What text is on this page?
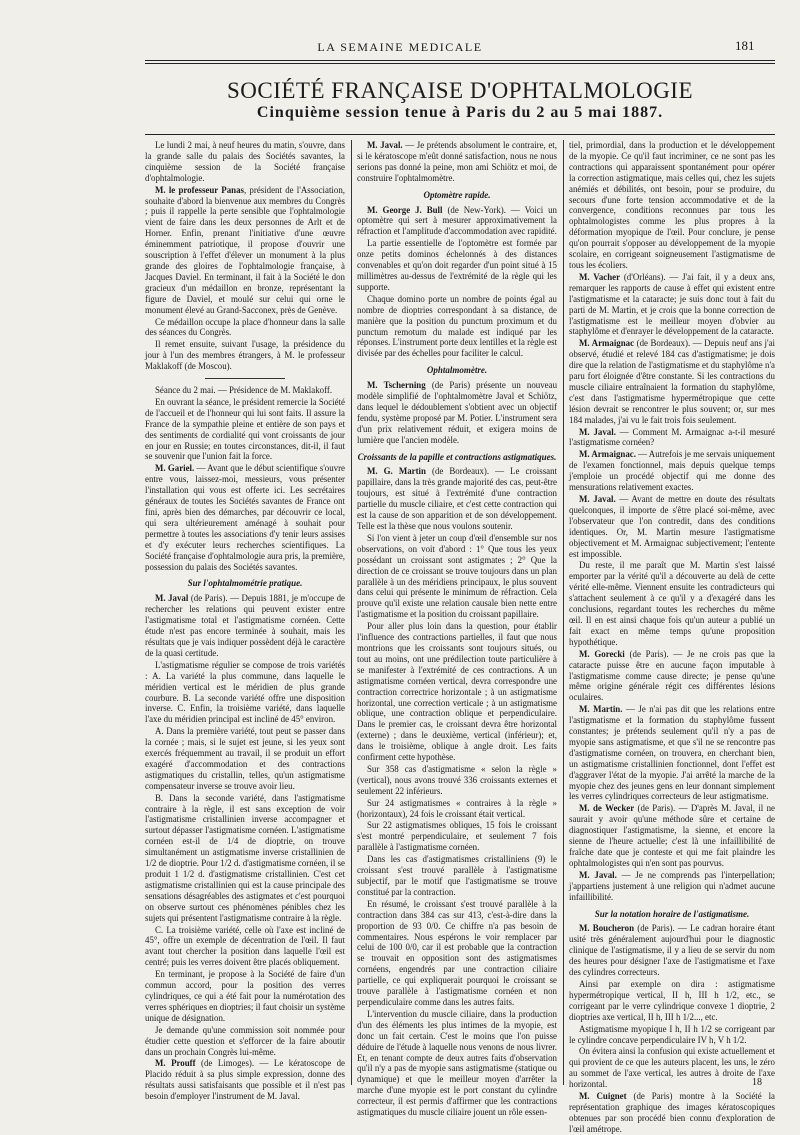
LA SEMAINE MEDICALE	181
SOCIÉTÉ FRANÇAISE D'OPHTALMOLOGIE
Cinquième session tenue à Paris du 2 au 5 mai 1887.

Le lundi 2 mai, à neuf heures du matin, s'ouvre, dans la grande salle du palais des Sociétés savantes, la cinquième session de la Société française d'ophtalmologie.

M. le professeur Panas, président de l'Association, souhaite d'abord la bienvenue aux membres du Congrès ; puis il rappelle la perte sensible que l'ophtalmologie vient de faire dans les deux personnes de Arlt et de Horner. Enfin, prenant l'initiative d'une œuvre éminemment patriotique, il propose d'ouvrir une souscription à l'effet d'élever un monument à la plus grande des gloires de l'ophtalmologie française, à Jacques Daviel. En terminant, il fait à la Société le don gracieux d'un médaillon en bronze, représentant la figure de Daviel, et moulé sur celui qui orne le monument élevé au Grand-Sacconex, près de Genève.

Ce médaillon occupe la place d'honneur dans la salle des séances du Congrès.

Il remet ensuite, suivant l'usage, la présidence du jour à l'un des membres étrangers, à M. le professeur Maklakoff (de Moscou).

Séance du 2 mai. — Présidence de M. Maklakoff.

En ouvrant la séance, le président remercie la Société de l'accueil et de l'honneur qui lui sont faits. Il assure la France de la sympathie pleine et entière de son pays et des sentiments de cordialité qui vont croissants de jour en jour en Russie; en toutes circonstances, dit-il, il faut se souvenir que l'union fait la force.

M. Gariel. — Avant que le début scientifique s'ouvre entre vous, laissez-moi, messieurs, vous présenter l'installation qui vous est offerte ici. Les secrétaires généraux de toutes les Sociétés savantes de France ont fini, après bien des démarches, par découvrir ce local, qui sera ultérieurement aménagé à souhait pour permettre à toutes les associations d'y tenir leurs assises et d'y exécuter leurs recherches scientifiques. La Société française d'ophtalmologie aura pris, la première, possession du palais des Sociétés savantes.

Sur l'ophtalmométrie pratique.

M. Javal (de Paris). — Depuis 1881, je m'occupe de rechercher les relations qui peuvent exister entre l'astigmatisme total et l'astigmatisme cornéen. Cette étude n'est pas encore terminée à souhait, mais les résultats que je vais indiquer possèdent déjà le caractère de la quasi certitude.

L'astigmatisme régulier se compose de trois variétés : A. La variété la plus commune, dans laquelle le méridien vertical est le méridien de plus grande courbure. B. La seconde variété offre une disposition inverse. C. Enfin, la troisième variété, dans laquelle l'axe du méridien principal est incliné de 45° environ.

A. Dans la première variété, tout peut se passer dans la cornée ; mais, si le sujet est jeune, si les yeux sont exercés fréquemment au travail, il se produit un effort exagéré d'accommodation et des contractions astigmatiques du cristallin, telles, qu'un astigmatisme compensateur inverse se trouve avoir lieu.

B. Dans la seconde variété, dans l'astigmatisme contraire à la règle, il est sans exception de voir l'astigmatisme cristallinien inverse accompagner et surtout dépasser l'astigmatisme cornéen. L'astigmatisme cornéen est-il de 1/4 de dioptrie, on trouve simultanément un astigmatisme inverse cristallinien de 1/2 de dioptrie. Pour 1/2 d. d'astigmatisme cornéen, il se produit 1 1/2 d. d'astigmatisme cristallinien. C'est cet astigmatisme cristallinien qui est la cause principale des sensations désagréables des astigmates et c'est pourquoi on observe surtout ces phénomènes pénibles chez les sujets qui présentent l'astigmatisme contraire à la règle.

C. La troisième variété, celle où l'axe est incliné de 45°, offre un exemple de décentration de l'œil. Il faut avant tout chercher la position dans laquelle l'œil est centré; puis les verres doivent être placés obliquement.

En terminant, je propose à la Société de faire d'un commun accord, pour la position des verres cylindriques, ce qui a été fait pour la numérotation des verres sphériques en dioptries; il faut choisir un système unique de désignation.

Je demande qu'une commission soit nommée pour étudier cette question et s'efforcer de la faire aboutir dans un prochain Congrès lui-même.

M. Prouff (de Limoges). — Le kératoscope de Placido réduit à sa plus simple expression, donne des résultats aussi satisfaisants que possible et il n'est pas besoin d'employer l'instrument de M. Javal.

M. Javal. — Je prétends absolument le contraire, et, si le kératoscope m'eût donné satisfaction, nous ne nous serions pas donné la peine, mon ami Schiötz et moi, de construire l'ophtalmomètre.

Optomètre rapide.

M. George J. Bull (de New-York). — Voici un optomètre qui sert à mesurer approximativement la réfraction et l'amplitude d'accommodation avec rapidité.

La partie essentielle de l'optomètre est formée par onze petits dominos échelonnés à des distances convenables et qu'on doit regarder d'un point situé à 15 millimètres au-dessus de l'extrémité de la règle qui les supporte.

Chaque domino porte un nombre de points égal au nombre de dioptries correspondant à sa distance, de manière que la position du punctum proximum et du punctum remotum du malade est indiqué par les réponses. L'instrument porte deux lentilles et la règle est divisée par des échelles pour faciliter le calcul.

Ophtalmomètre.

M. Tscherning (de Paris) présente un nouveau modèle simplifié de l'ophtalmomètre Javal et Schiötz, dans lequel le dédoublement s'obtient avec un objectif fendu, système proposé par M. Potier. L'instrument sera d'un prix relativement réduit, et exigera moins de lumière que l'ancien modèle.

Croissants de la papille et contractions astigmatiques.

M. G. Martin (de Bordeaux). — Le croissant papillaire, dans la très grande majorité des cas, peut-être toujours, est situé à l'extrémité d'une contraction partielle du muscle ciliaire, et c'est cette contraction qui est la cause de son apparition et de son développement. Telle est la thèse que nous voulons soutenir.

Si l'on vient à jeter un coup d'œil d'ensemble sur nos observations, on voit d'abord : 1° Que tous les yeux possédant un croissant sont astigmates ; 2° Que la direction de ce croissant se trouve toujours dans un plan parallèle à un des méridiens principaux, le plus souvent dans celui qui présente le minimum de réfraction. Cela prouve qu'il existe une relation causale bien nette entre l'astigmatisme et la position du croissant papillaire.

Pour aller plus loin dans la question, pour établir l'influence des contractions partielles, il faut que nous montrions que les croissants sont toujours situés, ou tout au moins, ont une prédilection toute particulière à se manifester à l'extrémité de ces contractions. A un astigmatisme cornéen vertical, devra correspondre une contraction correctrice horizontale ; à un astigmatisme horizontal, une correction verticale ; à un astigmatisme oblique, une contraction oblique et perpendiculaire. Dans le premier cas, le croissant devra être horizontal (externe) ; dans le deuxième, vertical (inférieur); et, dans le troisième, oblique à angle droit. Les faits confirment cette hypothèse.

Sur 358 cas d'astigmatisme « selon la règle » (vertical), nous avons trouvé 336 croissants externes et seulement 22 inférieurs.

Sur 24 astigmatismes « contraires à la règle » (horizontaux), 24 fois le croissant était vertical.

Sur 22 astigmatismes obliques, 15 fois le croissant s'est montré perpendiculaire, et seulement 7 fois parallèle à l'astigmatisme cornéen.

Dans les cas d'astigmatismes cristalliniens (9) le croissant s'est trouvé parallèle à l'astigmatisme subjectif, par le motif que l'astigmatisme se trouve constitué par la contraction.

En résumé, le croissant s'est trouvé parallèle à la contraction dans 384 cas sur 413, c'est-à-dire dans la proportion de 93 0/0. Ce chiffre n'a pas besoin de commentaires. Nous espérons le voir remplacer par celui de 100 0/0, car il est probable que la contraction se trouvait en opposition sont des astigmatismes cornéens, engendrés par une contraction ciliaire partielle, ce qui expliquerait pourquoi le croissant se trouve parallèle à l'astigmatisme cornéen et non perpendiculaire comme dans les autres faits.

L'intervention du muscle ciliaire, dans la production d'un des éléments les plus intimes de la myopie, est donc un fait certain. C'est le moins que l'on puisse déduire de l'étude à laquelle nous venons de nous livrer. Et, en tenant compte de deux autres faits d'observation qu'il n'y a pas de myopie sans astigmatisme (statique ou dynamique) et que le meilleur moyen d'arrêter la marche d'une myopie est le port constant du cylindre correcteur, il est permis d'affirmer que les contractions astigmatiques du muscle ciliaire jouent un rôle essen-

tiel, primordial, dans la production et le développement de la myopie. Ce qu'il faut incriminer, ce ne sont pas les contractions qui apparaissent spontanément pour opérer la correction astigmatique, mais celles qui, chez les sujets anémiés et débilités, ont besoin, pour se produire, du secours d'une forte tension accommodative et de la convergence, conditions reconnues par tous les ophtalmologistes comme les plus propres à la déformation myopique de l'œil. Pour conclure, je pense qu'on pourrait s'opposer au développement de la myopie scolaire, en corrigeant soigneusement l'astigmatisme de tous les écoliers.

M. Vacher (d'Orléans). — J'ai fait, il y a deux ans, remarquer les rapports de cause à effet qui existent entre l'astigmatisme et la cataracte; je suis donc tout à fait du parti de M. Martin, et je crois que la bonne correction de l'astigmatisme est le meilleur moyen d'obvier au staphylôme et d'enrayer le développement de la cataracte.

M. Armaignac (de Bordeaux). — Depuis neuf ans j'ai observé, étudié et relevé 184 cas d'astigmatisme; je dois dire que la relation de l'astigmatisme et du staphylôme n'a paru fort éloignée d'être constante. Si les contractions du muscle ciliaire entraînaient la formation du staphylôme, c'est dans l'astigmatisme hypermétropique que cette lésion devrait se rencontrer le plus souvent; or, sur mes 184 malades, j'ai vu le fait trois fois seulement.

M. Javal. — Comment M. Armaignac a-t-il mesuré l'astigmatisme cornéen?

M. Armaignac. — Autrefois je me servais uniquement de l'examen fonctionnel, mais depuis quelque temps j'emploie un procédé objectif qui me donne des mensurations relativement exactes.

M. Javal. — Avant de mettre en doute des résultats quelconques, il importe de s'être placé soi-même, avec l'observateur que l'on contredit, dans des conditions identiques. Or, M. Martin mesure l'astigmatisme objectivement et M. Armaignac subjectivement; l'entente est impossible.

Du reste, il me paraît que M. Martin s'est laissé emporter par la vérité qu'il a découverte au delà de cette vérité elle-même. Viennent ensuite les contradicteurs qui s'attachent seulement à ce qu'il y a d'exagéré dans les conclusions, regardant toutes les recherches du même œil. Il en est ainsi chaque fois qu'un auteur a publié un fait exact en même temps qu'une proposition hypothétique.

M. Gorecki (de Paris). — Je ne crois pas que la cataracte puisse être en aucune façon imputable à l'astigmatisme comme cause directe; je pense qu'une même origine générale régit ces différentes lésions oculaires.

M. Martin. — Je n'ai pas dit que les relations entre l'astigmatisme et la formation du staphylôme fussent constantes; je prétends seulement qu'il n'y a pas de myopie sans astigmatisme, et que s'il ne se rencontre pas d'astigmatisme cornéen, on trouvera, en cherchant bien, un astigmatisme cristallinien fonctionnel, dont l'effet est d'aggraver l'état de la myopie. J'ai arrêté la marche de la myopie chez des jeunes gens en leur donnant simplement les verres cylindriques correcteurs de leur astigmatisme.

M. de Wecker (de Paris). — D'après M. Javal, il ne saurait y avoir qu'une méthode sûre et certaine de diagnostiquer l'astigmatisme, la sienne, et encore la sienne de l'heure actuelle; c'est là une infaillibilité de fraîche date que je conteste et qui me fait plaindre les ophtalmologistes qui n'en sont pas pourvus.

M. Javal. — Je ne comprends pas l'interpellation; j'appartiens justement à une religion qui n'admet aucune infaillibilité.

Sur la notation horaire de l'astigmatisme.

M. Boucheron (de Paris). — Le cadran horaire étant usité très généralement aujourd'hui pour le diagnostic clinique de l'astigmatisme, il y a lieu de se servir du nom des heures pour désigner l'axe de l'astigmatisme et l'axe des cylindres correcteurs.

Ainsi par exemple on dira : astigmatisme hypermétropique vertical, II h, III h 1/2, etc., se corrigeant par le verre cylindrique convexe 1 dioptrie, 2 dioptries axe vertical, II h, III h 1/2..., etc.

Astigmatisme myopique I h, II h 1/2 se corrigeant par le cylindre concave perpendiculaire IV h, V h 1/2.

On évitera ainsi la confusion qui existe actuellement et qui provient de ce que les auteurs placent, les uns, le zéro au sommet de l'axe vertical, les autres à droite de l'axe horizontal.

M. Cuignet (de Paris) montre à la Société la représentation graphique des images kératoscopiques obtenues par son procédé bien connu d'exploration de l'œil amétrope.

18
